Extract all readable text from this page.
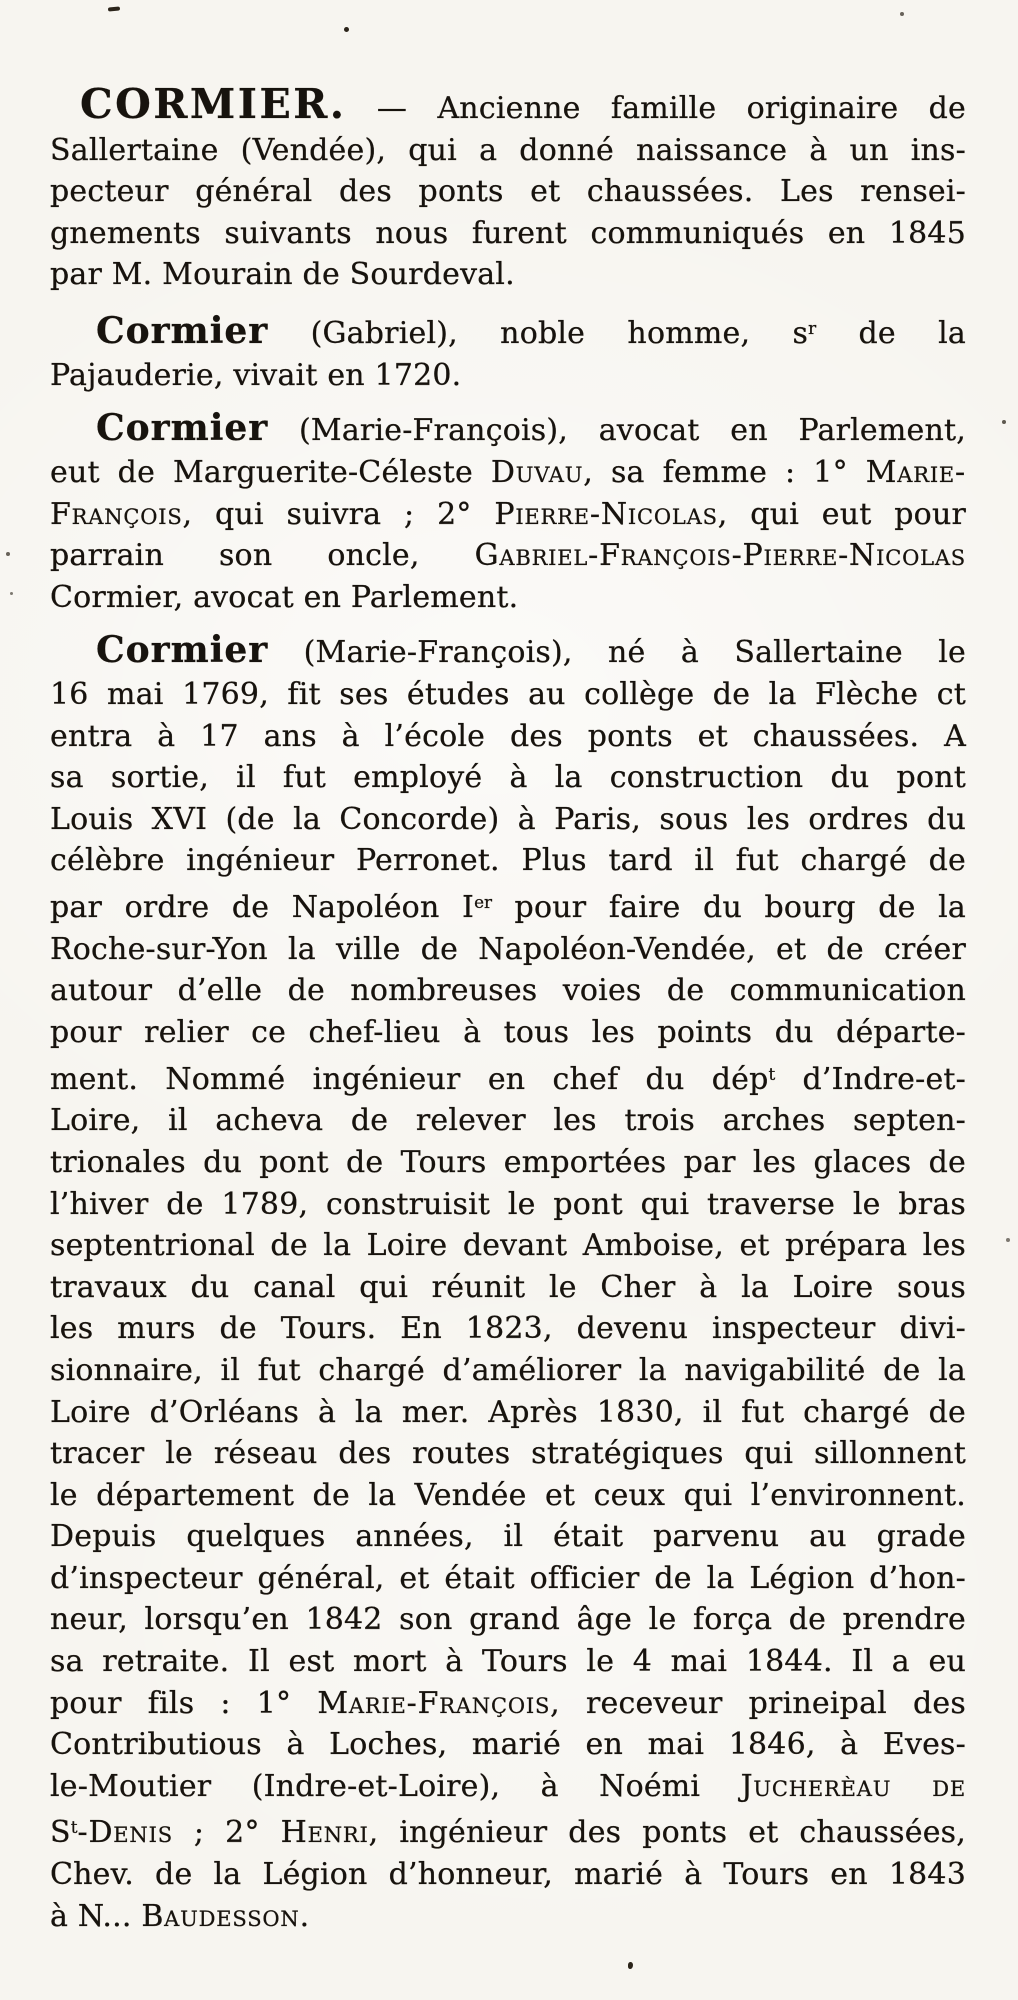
CORMIER. — Ancienne famille originaire de
Sallertaine (Vendée), qui a donné naissance à un ins-
pecteur général des ponts et chaussées. Les rensei-
gnements suivants nous furent communiqués en 1845
par M. Mourain de Sourdeval.
Cormier (Gabriel), noble homme, $s^r$ de la
Pajauderie, vivait en 1720.
Cormier (Marie-François), avocat en Parlement,
eut de Marguerite-Céleste Duvau, sa femme : 1° Marie-
François, qui suivra ; 2° Pierre-Nicolas, qui eut pour
parrain son oncle, Gabriel-François-Pierre-Nicolas
Cormier, avocat en Parlement.
Cormier (Marie-François), né à Sallertaine le
16 mai 1769, fit ses études au collège de la Flèche ct
entra à 17 ans à l’école des ponts et chaussées. A
sa sortie, il fut employé à la construction du pont
Louis XVI (de la Concorde) à Paris, sous les ordres du
célèbre ingénieur Perronet. Plus tard il fut chargé de
par ordre de Napoléon Ier pour faire du bourg de la
Roche-sur-Yon la ville de Napoléon-Vendée, et de créer
autour d’elle de nombreuses voies de communication
pour relier ce chef-lieu à tous les points du départe-
ment. Nommé ingénieur en chef du dép$^t$ d’Indre-et-
Loire, il acheva de relever les trois arches septen-
trionales du pont de Tours emportées par les glaces de
l’hiver de 1789, construisit le pont qui traverse le bras
septentrional de la Loire devant Amboise, et prépara les
travaux du canal qui réunit le Cher à la Loire sous
les murs de Tours. En 1823, devenu inspecteur divi-
sionnaire, il fut chargé d’améliorer la navigabilité de la
Loire d’Orléans à la mer. Après 1830, il fut chargé de
tracer le réseau des routes stratégiques qui sillonnent
le département de la Vendée et ceux qui l’environnent.
Depuis quelques années, il était parvenu au grade
d’inspecteur général, et était officier de la Légion d’hon-
neur, lorsqu’en 1842 son grand âge le força de prendre
sa retraite. Il est mort à Tours le 4 mai 1844. Il a eu
pour fils : 1° Marie-François, receveur prineipal des
Contributious à Loches, marié en mai 1846, à Eves-
le-Moutier (Indre-et-Loire), à Noémi Jucherèau de
$S^t$-Denis ; 2° Henri, ingénieur des ponts et chaussées,
Chev. de la Légion d’honneur, marié à Tours en 1843
à N... Baudesson.
